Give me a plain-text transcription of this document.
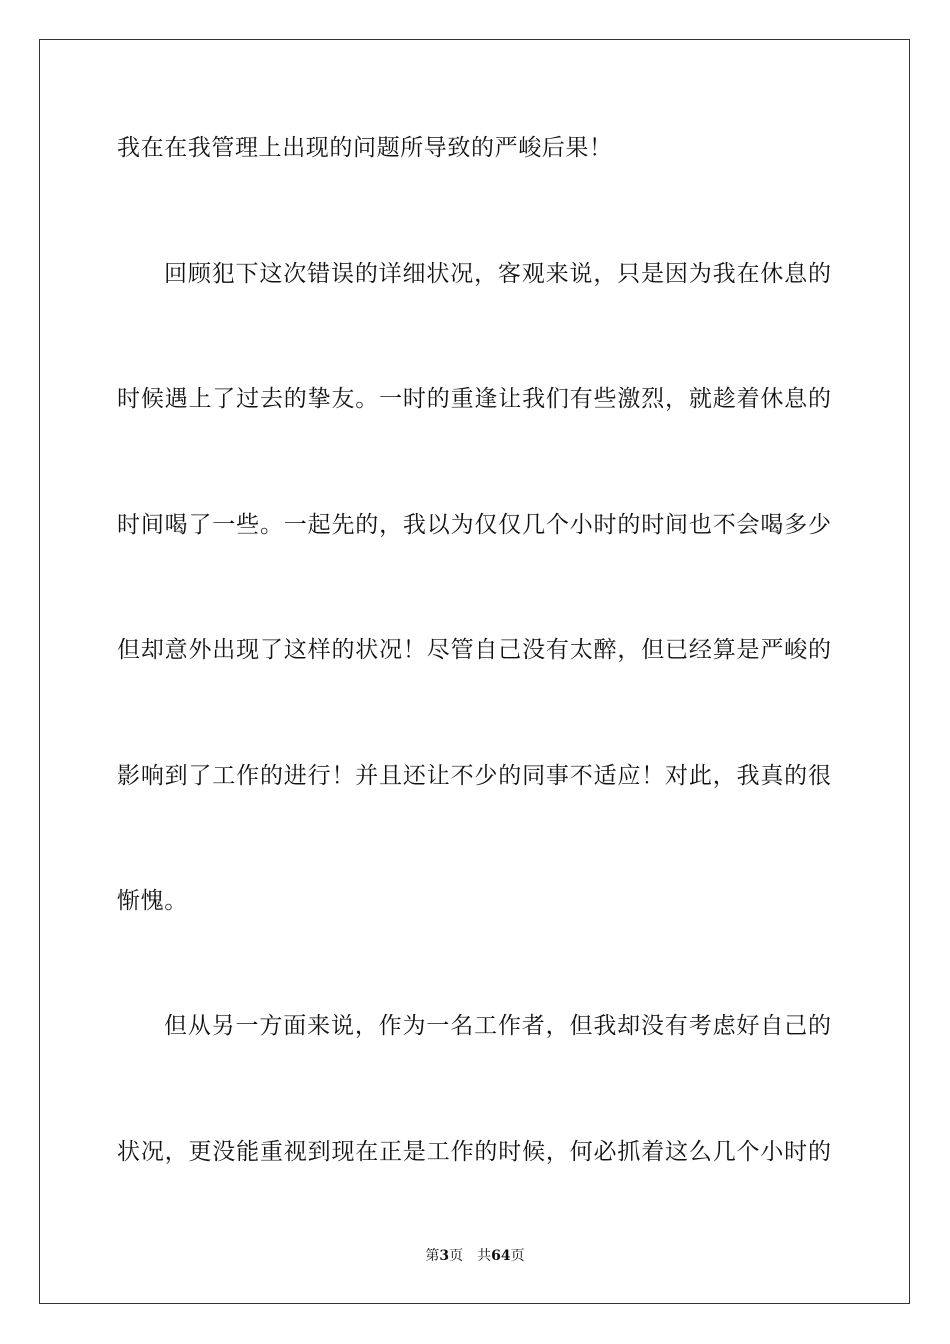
我在在我管理上出现的问题所导致的严峻后果！
回顾犯下这次错误的详细状况，客观来说，只是因为我在休息的
时候遇上了过去的挚友。一时的重逢让我们有些激烈，就趁着休息的
时间喝了一些。一起先的，我以为仅仅几个小时的时间也不会喝多少
但却意外出现了这样的状况！尽管自己没有太醉，但已经算是严峻的
影响到了工作的进行！并且还让不少的同事不适应！对此，我真的很
惭愧。
但从另一方面来说，作为一名工作者，但我却没有考虑好自己的
状况，更没能重视到现在正是工作的时候，何必抓着这么几个小时的
第3页 共64页
